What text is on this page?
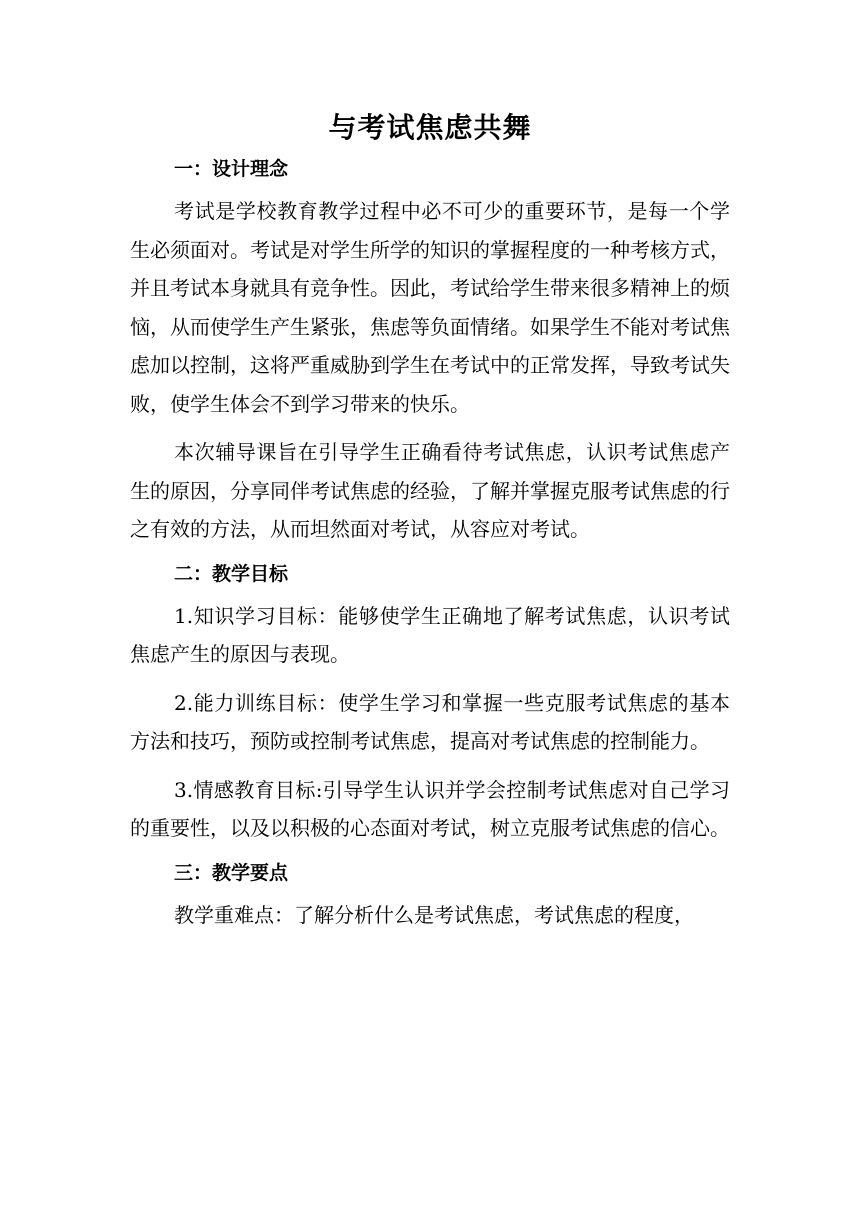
与考试焦虑共舞
一：设计理念

考试是学校教育教学过程中必不可少的重要环节，是每一个学生必须面对。考试是对学生所学的知识的掌握程度的一种考核方式，并且考试本身就具有竞争性。因此，考试给学生带来很多精神上的烦恼，从而使学生产生紧张，焦虑等负面情绪。如果学生不能对考试焦虑加以控制，这将严重威胁到学生在考试中的正常发挥，导致考试失败，使学生体会不到学习带来的快乐。

本次辅导课旨在引导学生正确看待考试焦虑，认识考试焦虑产生的原因，分享同伴考试焦虑的经验，了解并掌握克服考试焦虑的行之有效的方法，从而坦然面对考试，从容应对考试。

二：教学目标

1.知识学习目标：能够使学生正确地了解考试焦虑，认识考试焦虑产生的原因与表现。

2.能力训练目标：使学生学习和掌握一些克服考试焦虑的基本方法和技巧，预防或控制考试焦虑，提高对考试焦虑的控制能力。

3.情感教育目标:引导学生认识并学会控制考试焦虑对自己学习的重要性，以及以积极的心态面对考试，树立克服考试焦虑的信心。

三：教学要点

教学重难点：了解分析什么是考试焦虑，考试焦虑的程度，
